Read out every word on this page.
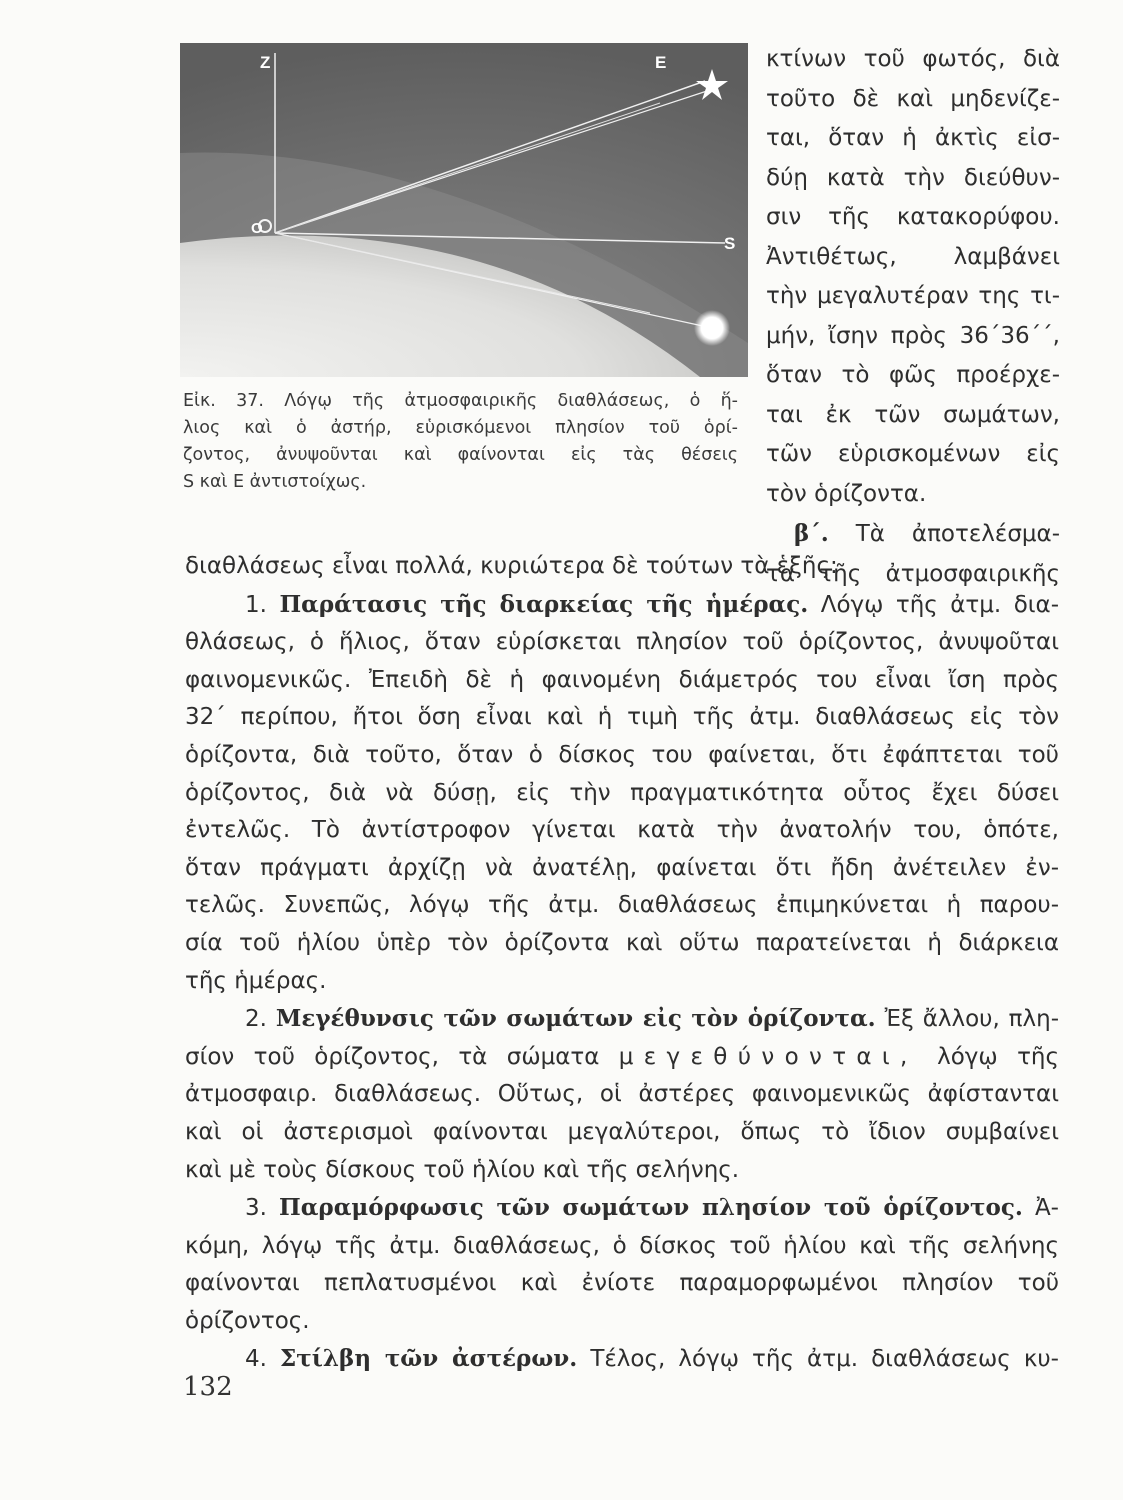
Z	E
O
S
Εἰκ. 37. Λόγῳ τῆς ἀτμοσφαιρικῆς διαθλάσεως, ὁ ἥ-
λιος καὶ ὁ ἀστήρ, εὑρισκόμενοι πλησίον τοῦ ὁρί-
ζοντος, ἀνυψοῦνται καὶ φαίνονται εἰς τὰς θέσεις
S καὶ E ἀντιστοίχως.
κτίνων τοῦ φωτός, διὰ
τοῦτο δὲ καὶ μηδενίζε-
ται, ὅταν ἡ ἀκτὶς εἰσ-
δύῃ κατὰ τὴν διεύθυν-
σιν τῆς κατακορύφου.
Ἀντιθέτως, λαμβάνει
τὴν μεγαλυτέραν της τι-
μήν, ἴσην πρὸς 36΄36΄΄,
ὅταν τὸ φῶς προέρχε-
ται ἐκ τῶν σωμάτων,
τῶν εὑρισκομένων εἰς
τὸν ὁρίζοντα.
β΄. Τὰ ἀποτελέσμα-
τα τῆς ἀτμοσφαιρικῆς
διαθλάσεως εἶναι πολλά, κυριώτερα δὲ τούτων τὰ ἑξῆς:
1. Παράτασις τῆς διαρκείας τῆς ἡμέρας. Λόγῳ τῆς ἀτμ. δια-
θλάσεως, ὁ ἥλιος, ὅταν εὑρίσκεται πλησίον τοῦ ὁρίζοντος, ἀνυψοῦται
φαινομενικῶς. Ἐπειδὴ δὲ ἡ φαινομένη διάμετρός του εἶναι ἴση πρὸς
32΄ περίπου, ἤτοι ὅση εἶναι καὶ ἡ τιμὴ τῆς ἀτμ. διαθλάσεως εἰς τὸν
ὁρίζοντα, διὰ τοῦτο, ὅταν ὁ δίσκος του φαίνεται, ὅτι ἐφάπτεται τοῦ
ὁρίζοντος, διὰ νὰ δύσῃ, εἰς τὴν πραγματικότητα οὗτος ἔχει δύσει
ἐντελῶς. Τὸ ἀντίστροφον γίνεται κατὰ τὴν ἀνατολήν του, ὁπότε,
ὅταν πράγματι ἀρχίζῃ νὰ ἀνατέλῃ, φαίνεται ὅτι ἤδη ἀνέτειλεν ἐν-
τελῶς. Συνεπῶς, λόγῳ τῆς ἀτμ. διαθλάσεως ἐπιμηκύνεται ἡ παρου-
σία τοῦ ἡλίου ὑπὲρ τὸν ὁρίζοντα καὶ οὕτω παρατείνεται ἡ διάρκεια
τῆς ἡμέρας.
2. Μεγέθυνσις τῶν σωμάτων εἰς τὸν ὁρίζοντα. Ἐξ ἄλλου, πλη-
σίον τοῦ ὁρίζοντος, τὰ σώματα μεγεθύνονται, λόγῳ τῆς
ἀτμοσφαιρ. διαθλάσεως. Οὕτως, οἱ ἀστέρες φαινομενικῶς ἀφίστανται
καὶ οἱ ἀστερισμοὶ φαίνονται μεγαλύτεροι, ὅπως τὸ ἴδιον συμβαίνει
καὶ μὲ τοὺς δίσκους τοῦ ἡλίου καὶ τῆς σελήνης.
3. Παραμόρφωσις τῶν σωμάτων πλησίον τοῦ ὁρίζοντος. Ἀ-
κόμη, λόγῳ τῆς ἀτμ. διαθλάσεως, ὁ δίσκος τοῦ ἡλίου καὶ τῆς σελήνης
φαίνονται πεπλατυσμένοι καὶ ἐνίοτε παραμορφωμένοι πλησίον τοῦ
ὁρίζοντος.
4. Στίλβη τῶν ἀστέρων. Τέλος, λόγῳ τῆς ἀτμ. διαθλάσεως κυ-
132
